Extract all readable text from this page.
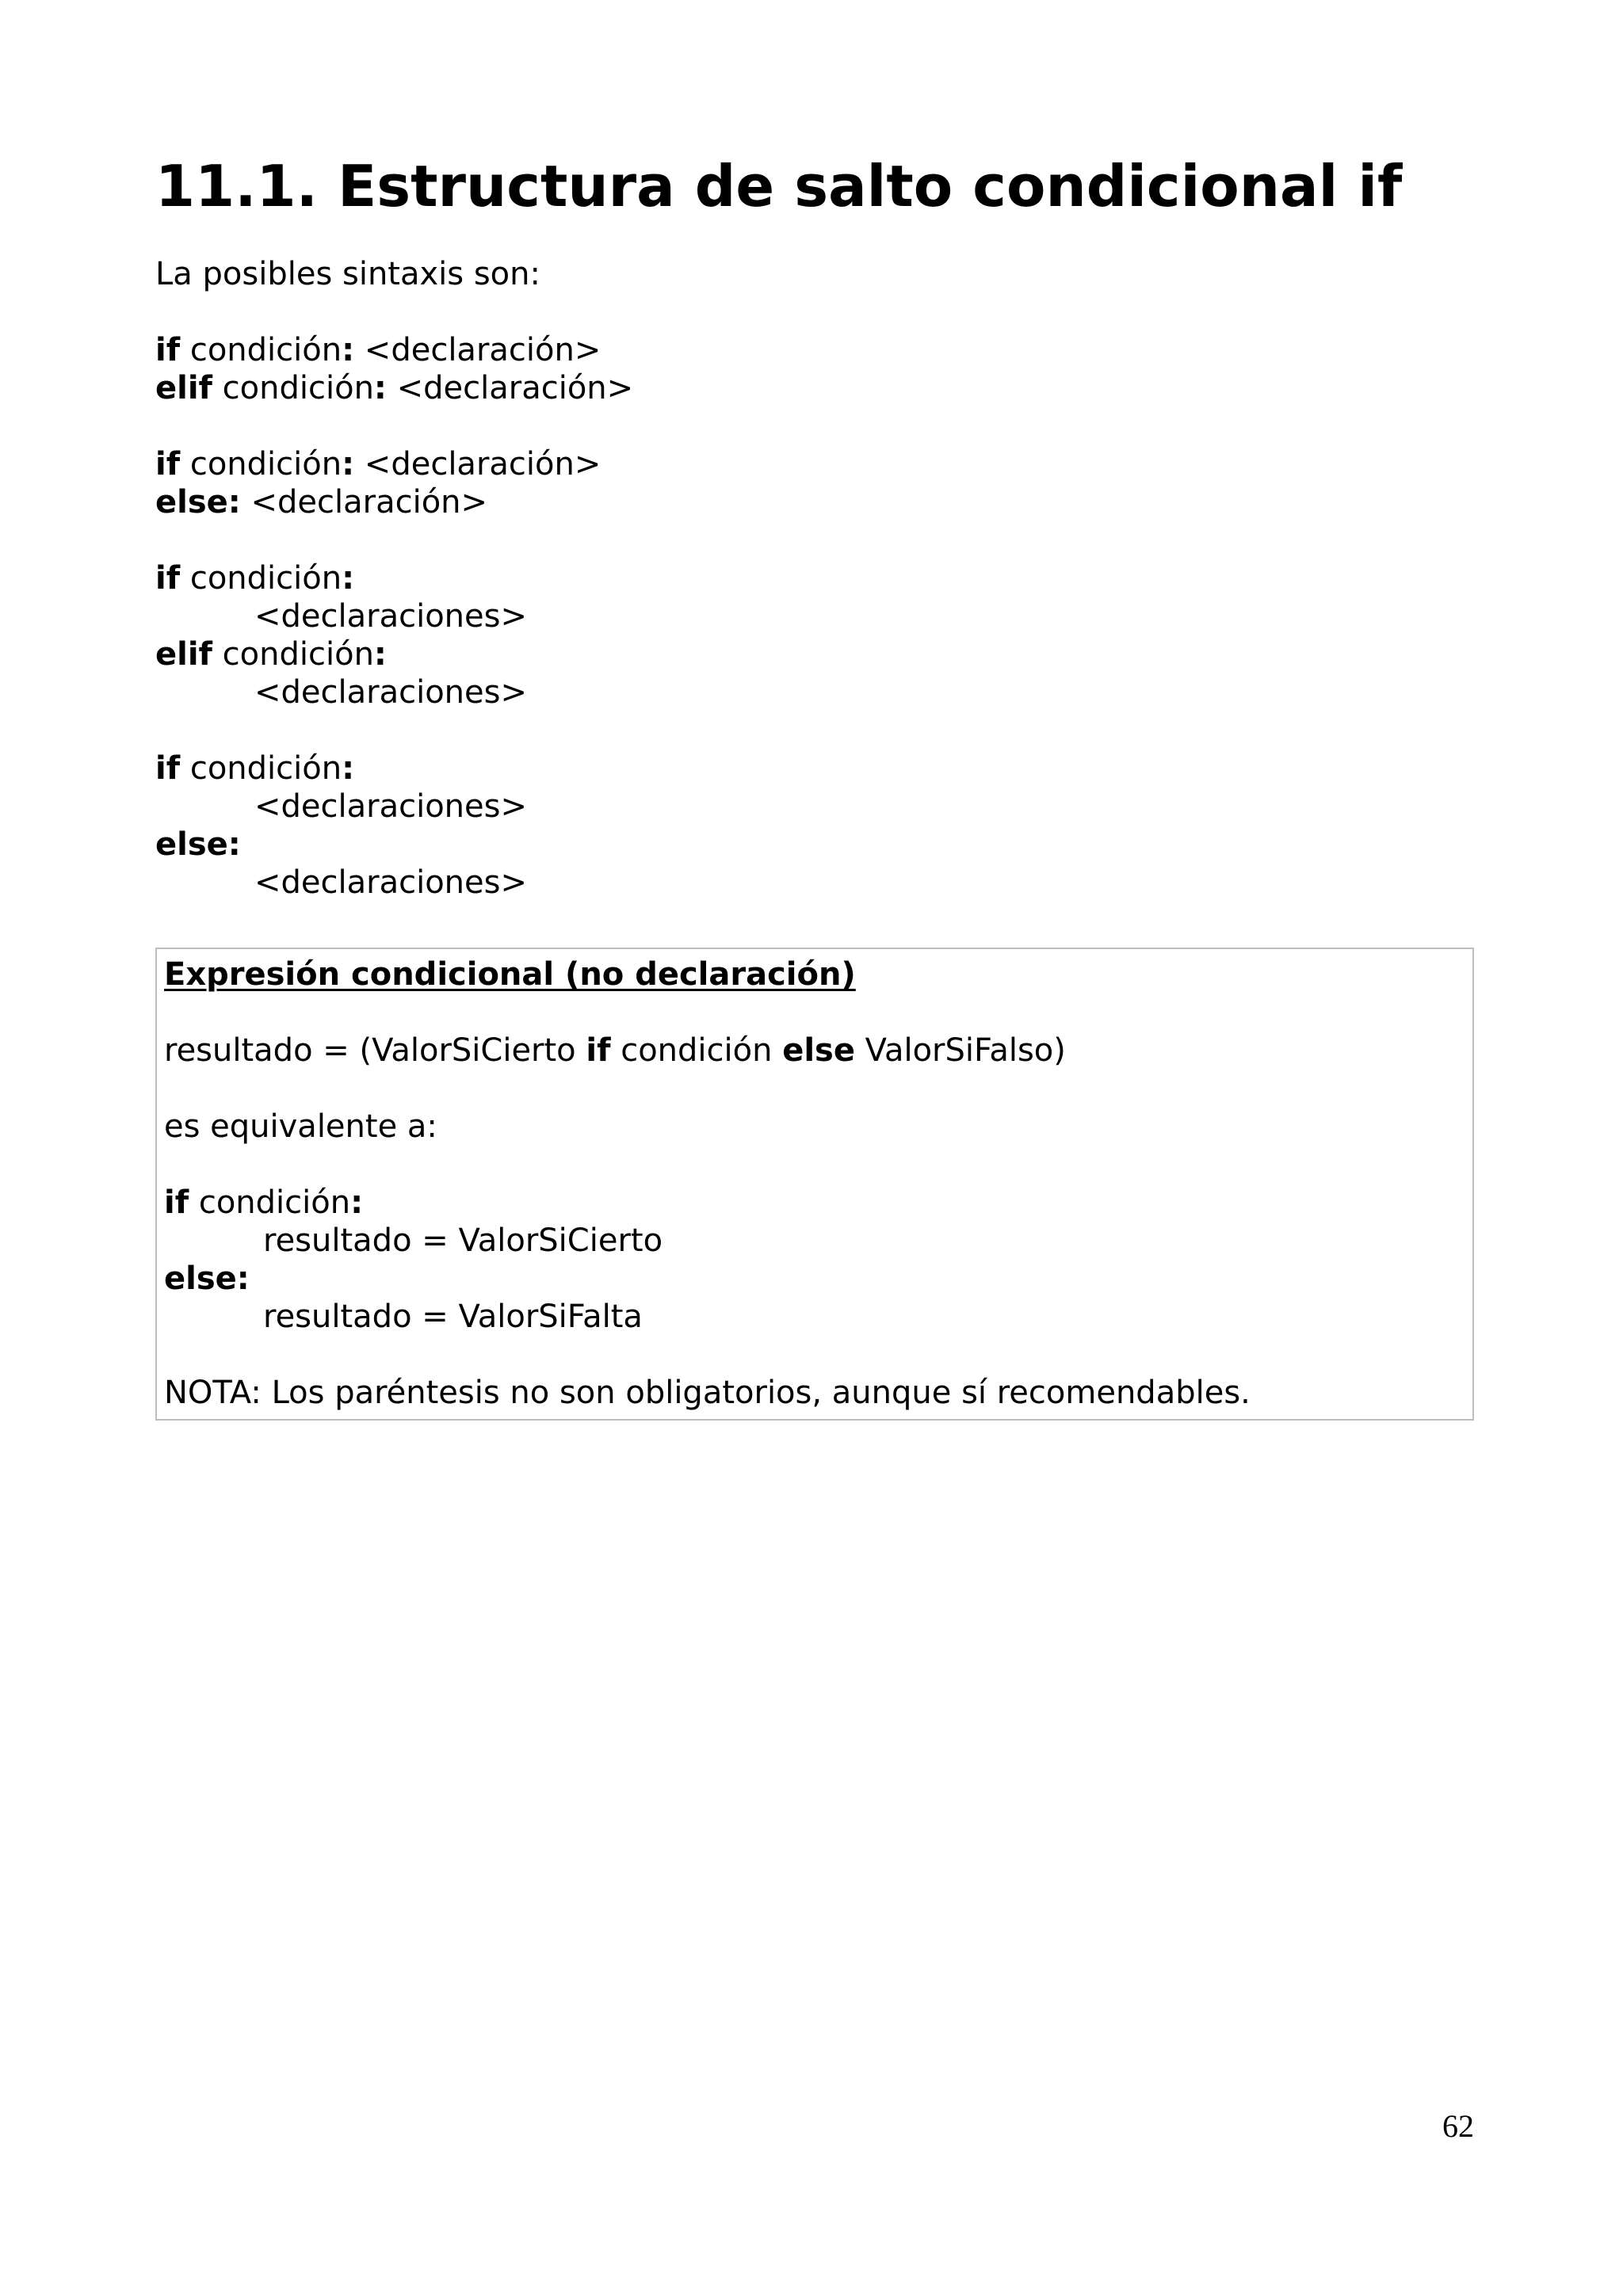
11.1. Estructura de salto condicional if
La posibles sintaxis son:
if condición: <declaración>
elif condición: <declaración>
if condición: <declaración>
else: <declaración>
if condición:
<declaraciones>
elif condición:
<declaraciones>
if condición:
<declaraciones>
else:
<declaraciones>
Expresión condicional (no declaración)
resultado = (ValorSiCierto if condición else ValorSiFalso)
es equivalente a:
if condición:
resultado = ValorSiCierto
else:
resultado = ValorSiFalta
NOTA: Los paréntesis no son obligatorios, aunque sí recomendables.
62
